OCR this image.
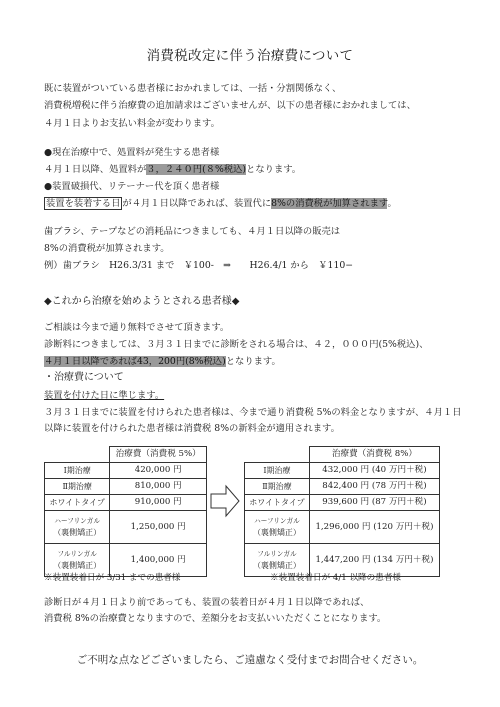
消費税改定に伴う治療費について
既に装置がついている患者様におかれましては、一括・分割関係なく、
消費税増税に伴う治療費の追加請求はございませんが、以下の患者様におかれましては、
４月１日よりお支払い料金が変わります。
●現在治療中で、処置料が発生する患者様
４月１日以降、処置料が３，２４０円(８%税込)となります。
●装置破損代、リテーナー代を頂く患者様
装置を装着する日 が４月１日以降であれば、装置代に8%の消費税が加算されます。
歯ブラシ、テープなどの消耗品につきましても、４月１日以降の販売は
8%の消費税が加算されます。
例）歯ブラシ　H26.3/31 まで　￥100-　⇒　　H26.4/1 から　￥110−
◆これから治療を始めようとされる患者様◆
ご相談は今まで通り無料でさせて頂きます。
診断料につきましては、３月３１日までに診断をされる場合は、４２，０００円(5%税込)、
４月１日以降であれば43，200円(8%税込)となります。
・治療費について
装置を付けた日に準じます。
３月３１日までに装置を付けられた患者様は、今まで通り消費税 5%の料金となりますが、４月１日
以降に装置を付けられた患者様は消費税 8%の新料金が適用されます。
	治療費（消費税 5%）
Ⅰ期治療	420,000 円
Ⅱ期治療	810,000 円
ホワイトタイプ	910,000 円

ハーフリンガル
（裏側矯正）	1,250,000 円

フルリンガル
（裏側矯正）	1,400,000 円
※装置装着日が 3/31 までの患者様
	治療費（消費税 8%）
Ⅰ期治療	432,000 円 (40 万円＋税)
Ⅱ期治療	842,400 円 (78 万円＋税)
ホワイトタイプ	939,600 円 (87 万円＋税)

ハーフリンガル
（裏側矯正）	1,296,000 円 (120 万円＋税)

フルリンガル
（裏側矯正）	1,447,200 円 (134 万円＋税)
※装置装着日が 4/1 以降の患者様
診断日が４月１日より前であっても、装置の装着日が４月１日以降であれば、
消費税 8%の治療費となりますので、差額分をお支払いいただくことになります。
ご不明な点などございましたら、ご遠慮なく受付までお問合せください。
